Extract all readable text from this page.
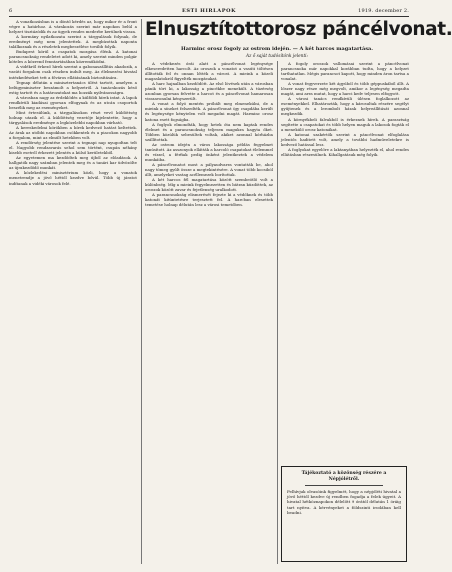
6	ESTI HIRLAPOK	1919. december 2.

A vonatkozásban is a döntő kérdés az, hogy mikor ér a front végre a határhoz. A várakozás szerint már napokon belül a helyzet tisztázódik és az ügyek rendes mederbe kerülnek vissza.

A kormány nyilatkozata szerint a tárgyalások folynak, de eredményt még nem jelentettek. A megbízottak naponta találkoznak és a részletek megbeszélése tovább folyik.

Budapest körül a csapatok mozgása élénk. A katonai parancsnokság rendeletet adott ki, amely szerint minden polgár köteles a közrend fenntartásában közreműködni.

A vidékről érkező hírek szerint a gabonaszállítás akadozik, a vasúti forgalom csak részben indult meg. Az élelmezési hivatal intézkedéseket tett a főváros ellátásának biztosítására.

Tegnap délután a minisztertanács ülést tartott, amelyen a belügyminiszter beszámolt a helyzetről. A tanácskozás késő estig tartott és a határozatokat ma hozzák nyilvánosságra.

A városban nagy az érdeklődés a külföldi hírek iránt. A lapok rendkívüli kiadásai gyorsan elfogynak és az utcán csoportok beszélik meg az eseményeket.

Mint értesülünk, a tárgyalásokon részt vevő küldöttség holnap utazik el. A küldöttség vezetője kijelentette, hogy a tárgyalások eredménye a legközelebbi napokban várható.

A kereskedelmi körökben a hírek kedvező hatást keltettek. Az árak az utóbbi napokban csökkentek és a piacokon nagyobb a forgalom, mint az elmúlt hetekben volt.

A rendőrség jelentése szerint a tegnapi nap nyugodtan telt el. Nagyobb rendzavarás sehol sem történt, csupán néhány kisebb esetről érkezett jelentés a külső kerületekből.

Az egyetemen ma kezdődtek meg újból az előadások. A hallgatók nagy számban jelentek meg és a tanári kar üdvözölte az újrakezdődő munkát.

A közlekedési minisztérium közli, hogy a vonatok menetrendje a jövő héttől kezdve bővül. Több új járatot indítanak a vidéki városok felé.

Elnusztítottorosz páncélvonat.
Harminc orosz fogoly az ostrom idején. — A két harcos magatartása.
Az ő saját tudósítónk jelenti:

A védekezés órái alatt a páncélvonat legénysége elkeseredetten harcolt. Az oroszok a vonatot a vasúti töltésen állították fel és onnan lőtték a várost. A mieink a közeli magaslatokról figyelték mozgásukat.

A harc hajnalban kezdődött. Az első lövések után a városban pánik tört ki, a lakosság a pincékbe menekült. A tüzérség azonban gyorsan felvette a harcot és a páncélvonat hamarosan visszavonulni kényszerült.

A vonat a folyó mentén próbált meg elmenekülni, de a mieink a síneket felszedték. A páncélvonat így csapdába került és legénysége kénytelen volt megadni magát. Harminc orosz katona esett fogságba.

A foglyok elmondták, hogy hetek óta nem kaptak rendes élelmet és a parancsnokság teljesen magukra hagyta őket. Többen közülük sebesültek voltak, akiket azonnal kórházba szállítottak.

Az ostrom idején a város lakossága példás fegyelmet tanúsított. Az asszonyok ellátták a harcoló csapatokat élelemmel és vízzel, a férfiak pedig önként jelentkeztek a védelem munkáiba.

A páncélvonatot most a pályaudvarra vontatták be, ahol nagy tömeg gyűlt össze a megtekintésére. A vonat több kocsiból állt, amelyeket vastag acéllemezek borítottak.

A két harcos fél magatartása között szembeötlő volt a különbség. Míg a mieink fegyelmezetten és bátran küzdöttek, az oroszok között zavar és fejetlenség uralkodott.

A parancsnokság elismerését fejezte ki a védőknek és több katonát kitüntetésre terjesztett fel. A harcban elesettek temetése holnap délután lesz a városi temetőben.

A fogoly oroszok vallomásai szerint a páncélvonat parancsnoka már napokkal korábban tudta, hogy a helyzet tarthatatlan. Mégis parancsot kapott, hogy minden áron tartsa a vonalat.

A vonat fegyverzete két ágyúból és több géppuskából állt. A lőszer nagy része még megvolt, amikor a legénység megadta magát, ami arra mutat, hogy a harci kedv teljesen elfogyott.

A városi tanács rendkívüli ülésen foglalkozott az eseményekkel. Elhatározták, hogy a károsultak részére segélyt gyűjtenek és a lerombolt házak helyreállítását azonnal megkezdik.

A környékbeli falvakból is érkeznek hírek. A parasztság segítette a csapatokat és több helyen maguk a lakosok fogták el a menekülő orosz katonákat.

A katonai szakértők szerint a páncélvonat elfoglalása jelentős haditett volt, amely a további hadműveletekre is kedvező hatással lesz.

A foglyokat egyelőre a laktanyában helyezték el, ahol rendes ellátásban részesülnek. Kihallgatásuk még folyik.

Tájékoztató a közönség részére a Népjólétről.
Felhívjuk olvasóink figyelmét, hogy a népjóléti hivatal a jövő héttől kezdve új rendben fogadja a felek ügyeit. A hivatal hétköznapokon délelőtt 9 órától délután 1 óráig tart nyitva. A kérvényeket a földszinti irodában kell beadni.
